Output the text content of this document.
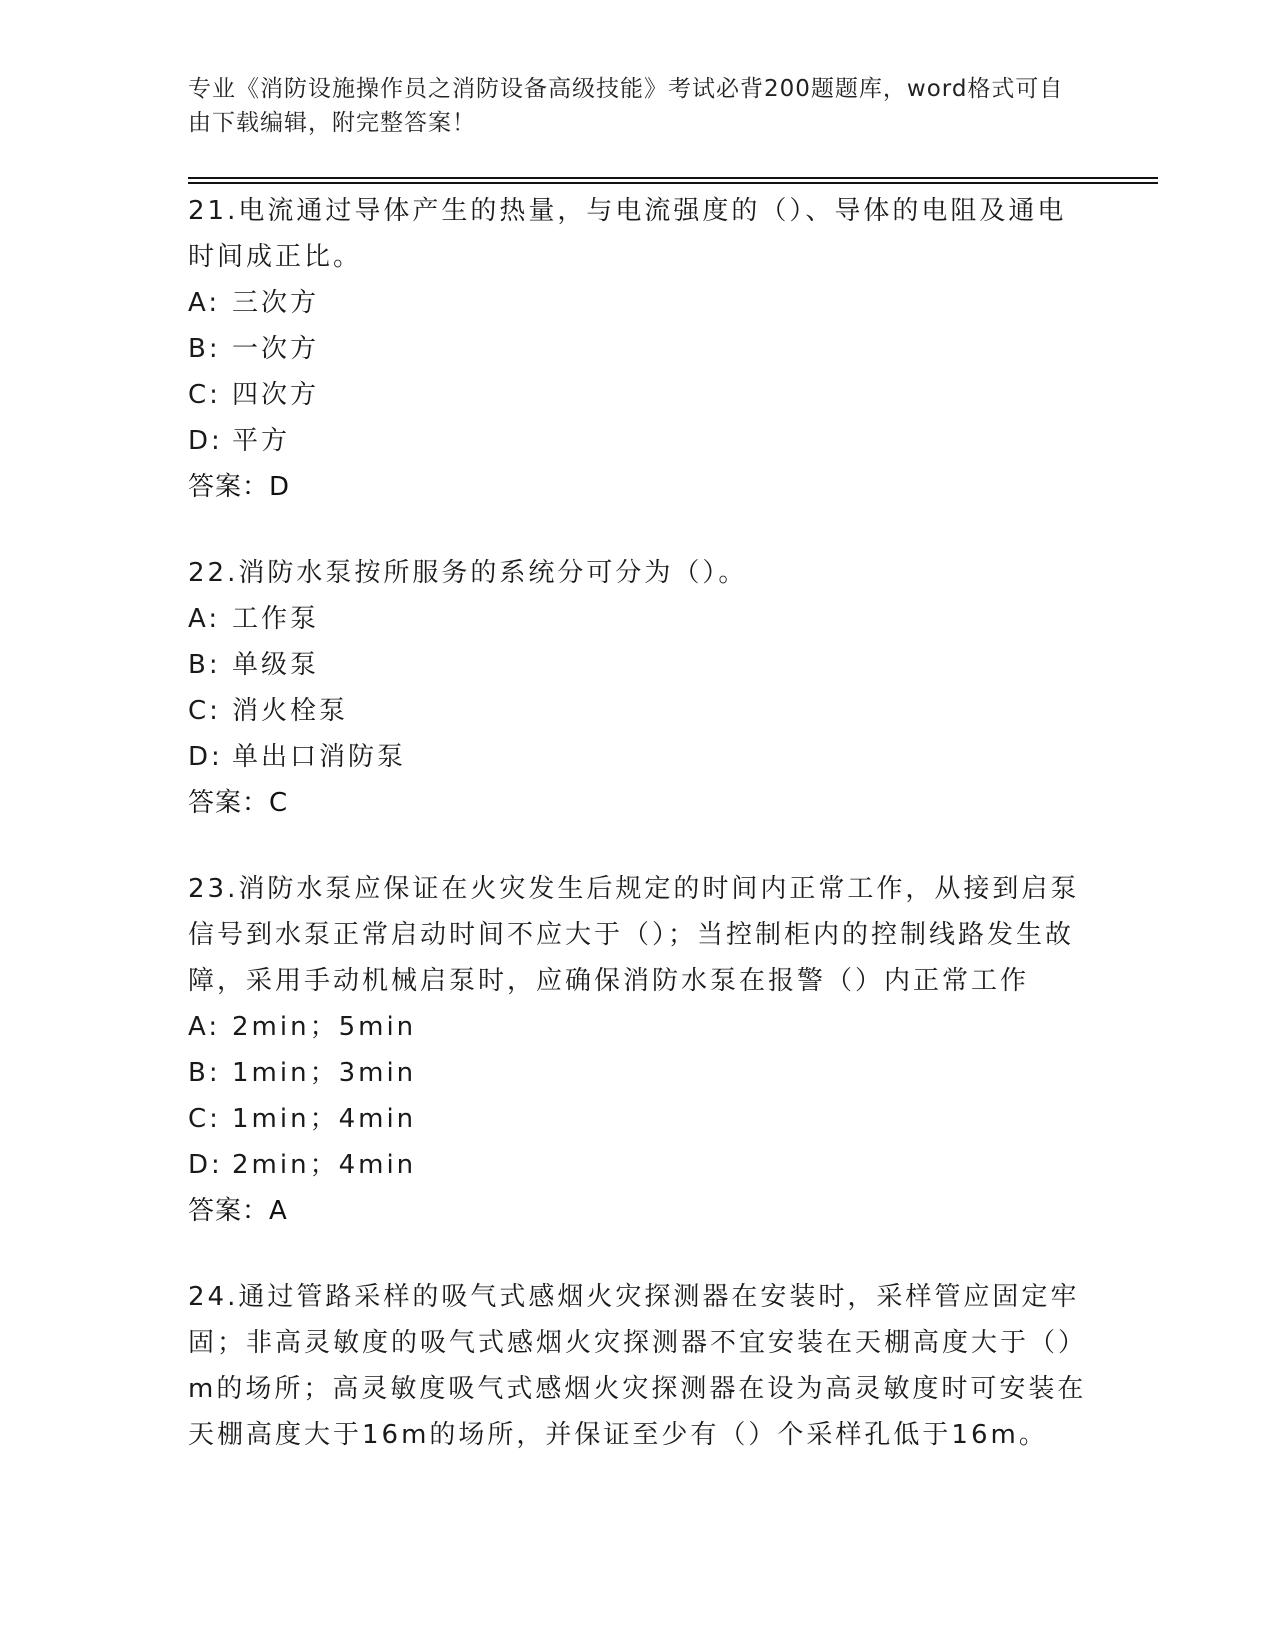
专业《消防设施操作员之消防设备高级技能》考试必背200题题库，word格式可自由下载编辑，附完整答案！

21.电流通过导体产生的热量，与电流强度的（）、导体的电阻及通电时间成正比。

A: 三次方

B: 一次方

C: 四次方

D: 平方

答案：D

22.消防水泵按所服务的系统分可分为（）。

A: 工作泵

B: 单级泵

C: 消火栓泵

D: 单出口消防泵

答案：C

23.消防水泵应保证在火灾发生后规定的时间内正常工作，从接到启泵信号到水泵正常启动时间不应大于（）；当控制柜内的控制线路发生故障，采用手动机械启泵时，应确保消防水泵在报警（）内正常工作

A: 2min；5min

B: 1min；3min

C: 1min；4min

D: 2min；4min

答案：A

24.通过管路采样的吸气式感烟火灾探测器在安装时，采样管应固定牢固；非高灵敏度的吸气式感烟火灾探测器不宜安装在天棚高度大于（）m的场所；高灵敏度吸气式感烟火灾探测器在设为高灵敏度时可安装在天棚高度大于16m的场所，并保证至少有（）个采样孔低于16m。
